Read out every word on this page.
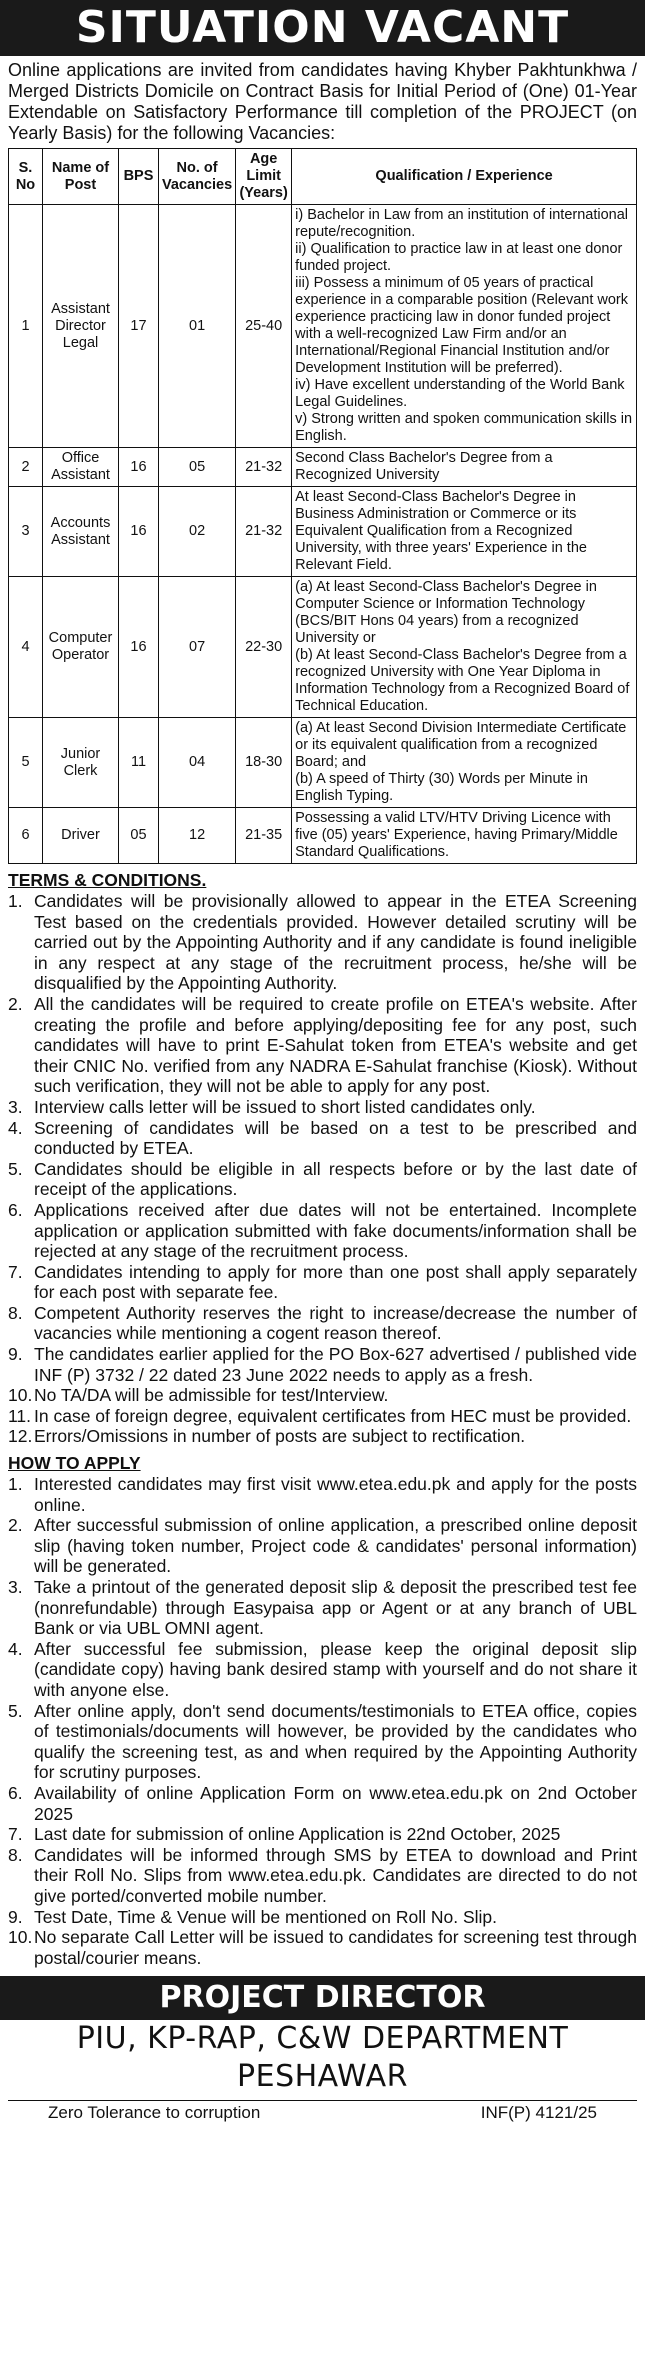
SITUATION VACANT
Online applications are invited from candidates having Khyber Pakhtunkhwa / Merged Districts Domicile on Contract Basis for Initial Period of (One) 01-Year Extendable on Satisfactory Performance till completion of the PROJECT (on Yearly Basis) for the following Vacancies:
S. No	Name of Post	BPS	No. of Vacancies	Age Limit (Years)	Qualification / Experience
1	Assistant Director Legal	17	01	25-40	i) Bachelor in Law from an institution of international repute/recognition.

ii) Qualification to practice law in at least one donor funded project.

iii) Possess a minimum of 05 years of practical experience in a comparable position (Relevant work experience practicing law in donor funded project with a well-recognized Law Firm and/or an International/Regional Financial Institution and/or Development Institution will be preferred).

iv) Have excellent understanding of the World Bank Legal Guidelines.

v) Strong written and spoken communication skills in English.

2	Office Assistant	16	05	21-32	Second Class Bachelor's Degree from a Recognized University

3	Accounts Assistant	16	02	21-32	At least Second-Class Bachelor's Degree in Business Administration or Commerce or its Equivalent Qualification from a Recognized University, with three years' Experience in the Relevant Field.

4	Computer Operator	16	07	22-30	(a) At least Second-Class Bachelor's Degree in Computer Science or Information Technology (BCS/BIT Hons 04 years) from a recognized University or

(b) At least Second-Class Bachelor's Degree from a recognized University with One Year Diploma in Information Technology from a Recognized Board of Technical Education.

5	Junior Clerk	11	04	18-30	(a) At least Second Division Intermediate Certificate or its equivalent qualification from a recognized Board; and

(b) A speed of Thirty (30) Words per Minute in English Typing.

6	Driver	05	12	21-35	Possessing a valid LTV/HTV Driving Licence with five (05) years' Experience, having Primary/Middle Standard Qualifications.

TERMS & CONDITIONS.
1. Candidates will be provisionally allowed to appear in the ETEA Screening Test based on the credentials provided. However detailed scrutiny will be carried out by the Appointing Authority and if any candidate is found ineligible in any respect at any stage of the recruitment process, he/she will be disqualified by the Appointing Authority.
2. All the candidates will be required to create profile on ETEA's website. After creating the profile and before applying/depositing fee for any post, such candidates will have to print E-Sahulat token from ETEA's website and get their CNIC No. verified from any NADRA E-Sahulat franchise (Kiosk). Without such verification, they will not be able to apply for any post.
3. Interview calls letter will be issued to short listed candidates only.
4. Screening of candidates will be based on a test to be prescribed and conducted by ETEA.
5. Candidates should be eligible in all respects before or by the last date of receipt of the applications.
6. Applications received after due dates will not be entertained. Incomplete application or application submitted with fake documents/information shall be rejected at any stage of the recruitment process.
7. Candidates intending to apply for more than one post shall apply separately for each post with separate fee.
8. Competent Authority reserves the right to increase/decrease the number of vacancies while mentioning a cogent reason thereof.
9. The candidates earlier applied for the PO Box-627 advertised / published vide INF (P) 3732 / 22 dated 23 June 2022 needs to apply as a fresh.
10. No TA/DA will be admissible for test/Interview.
11. In case of foreign degree, equivalent certificates from HEC must be provided.
12. Errors/Omissions in number of posts are subject to rectification.
HOW TO APPLY
1. Interested candidates may first visit www.etea.edu.pk and apply for the posts online.
2. After successful submission of online application, a prescribed online deposit slip (having token number, Project code & candidates' personal information) will be generated.
3. Take a printout of the generated deposit slip & deposit the prescribed test fee (nonrefundable) through Easypaisa app or Agent or at any branch of UBL Bank or via UBL OMNI agent.
4. After successful fee submission, please keep the original deposit slip (candidate copy) having bank desired stamp with yourself and do not share it with anyone else.
5. After online apply, don't send documents/testimonials to ETEA office, copies of testimonials/documents will however, be provided by the candidates who qualify the screening test, as and when required by the Appointing Authority for scrutiny purposes.
6. Availability of online Application Form on www.etea.edu.pk on 2nd October 2025
7. Last date for submission of online Application is 22nd October, 2025
8. Candidates will be informed through SMS by ETEA to download and Print their Roll No. Slips from www.etea.edu.pk. Candidates are directed to do not give ported/converted mobile number.
9. Test Date, Time & Venue will be mentioned on Roll No. Slip.
10. No separate Call Letter will be issued to candidates for screening test through postal/courier means.
PROJECT DIRECTOR
PIU, KP-RAP, C&W DEPARTMENT
PESHAWAR
Zero Tolerance to corruption	INF(P) 4121/25
